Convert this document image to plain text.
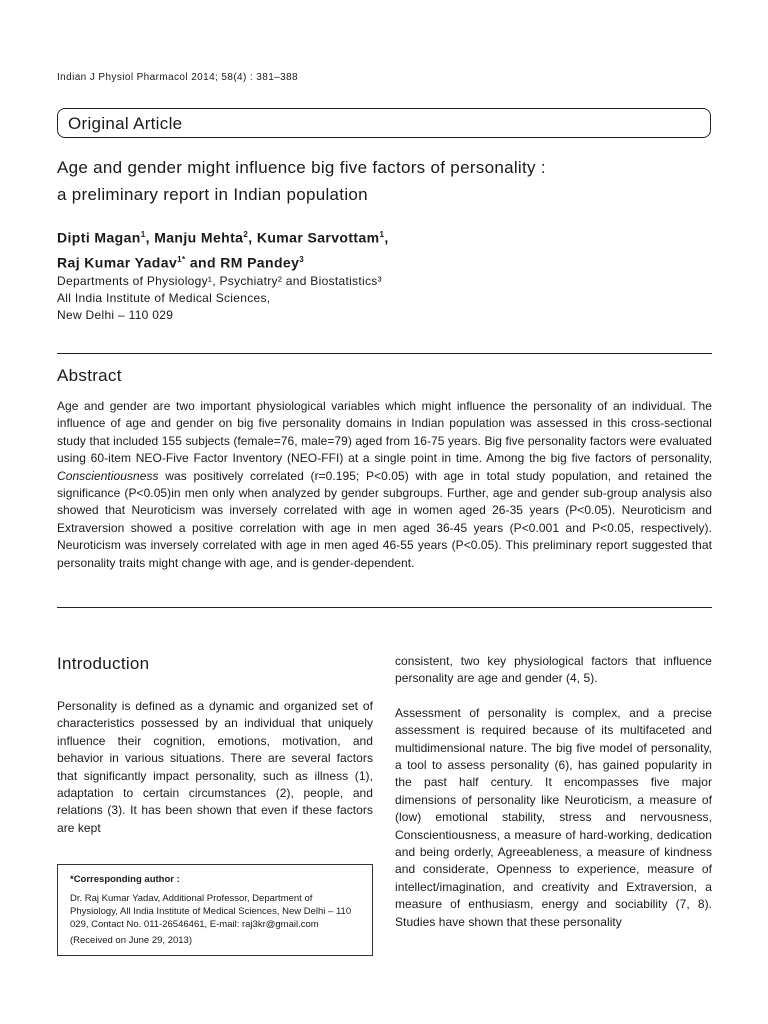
Indian J Physiol Pharmacol 2014; 58(4) : 381–388
Original Article
Age and gender might influence big five factors of personality :
a preliminary report in Indian population
Dipti Magan$^1$, Manju Mehta$^2$, Kumar Sarvottam$^1$,
Raj Kumar Yadav$^{1*}$ and RM Pandey$^3$
Departments of Physiology¹, Psychiatry² and Biostatistics³
All India Institute of Medical Sciences,
New Delhi – 110 029
Abstract
Age and gender are two important physiological variables which might influence the personality of an individual. The influence of age and gender on big five personality domains in Indian population was assessed in this cross-sectional study that included 155 subjects (female=76, male=79) aged from 16-75 years. Big five personality factors were evaluated using 60-item NEO-Five Factor Inventory (NEO-FFI) at a single point in time. Among the big five factors of personality, Conscientiousness was positively correlated (r=0.195; P<0.05) with age in total study population, and retained the significance (P<0.05)in men only when analyzed by gender subgroups. Further, age and gender sub-group analysis also showed that Neuroticism was inversely correlated with age in women aged 26-35 years (P<0.05). Neuroticism and Extraversion showed a positive correlation with age in men aged 36-45 years (P<0.001 and P<0.05, respectively). Neuroticism was inversely correlated with age in men aged 46-55 years (P<0.05). This preliminary report suggested that personality traits might change with age, and is gender-dependent.
Introduction

Personality is defined as a dynamic and organized set of characteristics possessed by an individual that uniquely influence their cognition, emotions, motivation, and behavior in various situations. There are several factors that significantly impact personality, such as illness (1), adaptation to certain circumstances (2), people, and relations (3). It has been shown that even if these factors are kept

consistent, two key physiological factors that influence personality are age and gender (4, 5).

Assessment of personality is complex, and a precise assessment is required because of its multifaceted and multidimensional nature. The big five model of personality, a tool to assess personality (6), has gained popularity in the past half century. It encompasses five major dimensions of personality like Neuroticism, a measure of (low) emotional stability, stress and nervousness, Conscientiousness, a measure of hard-working, dedication and being orderly, Agreeableness, a measure of kindness and considerate, Openness to experience, measure of intellect/imagination, and creativity and Extraversion, a measure of enthusiasm, energy and sociability (7, 8). Studies have shown that these personality

*Corresponding author :

Dr. Raj Kumar Yadav, Additional Professor, Department of Physiology, All India Institute of Medical Sciences, New Delhi – 110 029, Contact No. 011-26546461, E-mail: raj3kr@gmail.com

(Received on June 29, 2013)
